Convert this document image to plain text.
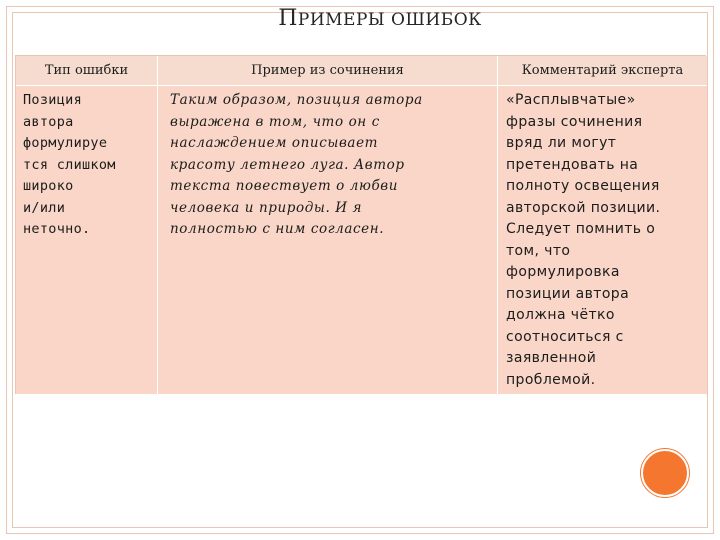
ПРИМЕРЫ ОШИБОК
Тип ошибки	Пример из сочинения	Комментарий эксперта
Позиция
автора
формулируе
тся слишком
широко
и/или
неточно.
Таким образом, позиция автора
выражена в том, что он с
наслаждением описывает
красоту летнего луга. Автор
текста повествует о любви
человека и природы. И я
полностью с ним согласен.
«Расплывчатые»
фразы сочинения
вряд ли могут
претендовать на
полноту освещения
авторской позиции.
Следует помнить о
том, что
формулировка
позиции автора
должна чётко
соотноситься с
заявленной
проблемой.
